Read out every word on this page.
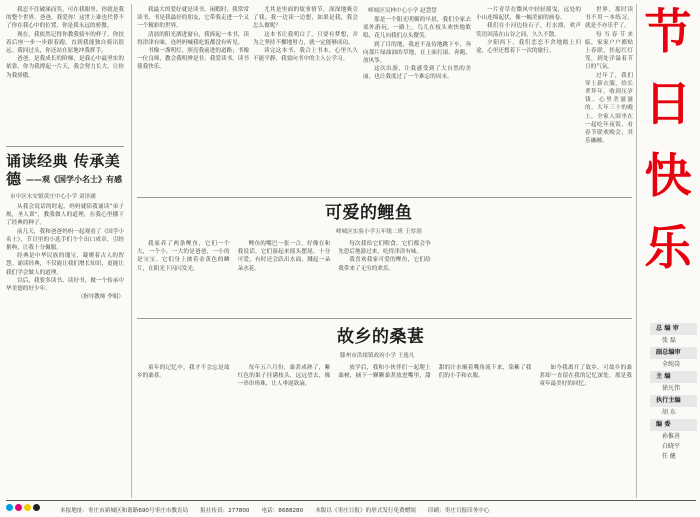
我忍不住破涕而笑，可在我眼里，你就是我的整个世界。爸爸，我爱你！这世上谁也代替不了你在我心中的位置，你是我永远的骄傲。

现在，我依然记得你教我骑车的样子，你扶着后座一步一步跟着跑，直到我能独自骑出很远。我回过头，你还站在原地冲我挥手。

爸爸，是我成长的阶梯，是我心中最坚实的依靠。你为我撑起一片天，我会努力长大，让你为我骄傲。

诵读经典 传承美德 ——观《国学小名士》有感
市中区水安镇黄庄中心小学 刘泽涵

从我会说话的时起，妈妈就陪我诵读“弟子规，圣人训”，教我做人的道理，在我心里播下了经典的种子。

前几天，我和爸爸妈妈一起观看了《国学小名士》，节目里的小选手们个个出口成章，引经据典，让我十分佩服。

经典是中华民族的瑰宝，凝聚着古人的智慧。诵读经典，不仅能让我们增长知识，更能让我们学会做人的道理。

以后，我要多读书、读好书，做一个传承中华美德的好少年。

（指导教师 李娟）

我最大的爱好就是读书。闲暇时，我常常读书。书是我最好的朋友，它带我走进一个又一个精彩的世界。

清晨的阳光洒进窗台，我捧起一本书，读得津津有味，连妈妈喊我吃饭都没有听见。

书像一盏明灯，照亮我前进的道路；书像一位良师，教会我明辨是非。我爱读书，读书使我快乐。

尤其是里面的故事情节，深深地吸引了我。我一边读一边想，如果是我，我会怎么做呢？

这本书让我明白了，只要有梦想，并为之坚持不懈地努力，就一定能够成功。

读完这本书，我合上书本，心里久久不能平静，我要向书中的主人公学习。

峄城区吴林中心小学 赵慧慧

那是一个阳光明媚的早晨，我们全家去郊外游玩。一路上，鸟儿在枝头欢快地歌唱，花儿向我们点头微笑。

到了目的地，我迫不及待地跳下车，奔向那片绿油油的草地，在上面打滚、奔跑、放风筝。

这次出游，让我感受到了大自然的美丽，也让我度过了一个难忘的周末。

一片青草在微风中轻轻摇曳，远处的小山连绵起伏，像一幅美丽的画卷。

我们在小河边捡石子，打水漂，欢声笑语回荡在山谷之间，久久不散。

夕阳西下，我们恋恋不舍地踏上归途，心里还想着下一次的旅行。

世界，那时读书不用一本练习，就是不亦乐乎了。

每当春节来临，家家户户都贴上春联，挂起红灯笼，到处洋溢着节日的气氛。

过年了，我们穿上新衣服，给长辈拜年，收到压岁钱，心里美滋滋的。大年三十的晚上，全家人围坐在一起吃年夜饭，看春节联欢晚会，其乐融融。

节
日
快
乐
可爱的鲤鱼
峄城区实验小学五年级二班 王厚润

我家养了两条鲤鱼，它们一个大，一个小，一大的是爸爸，一小的是宝宝。它们身上披着金黄色的鳞片，在阳光下闪闪发光。

鲤鱼的嘴巴一张一合，好像在和我说话。它们游起来摇头摆尾，十分可爱，有时还会跃出水面，溅起一朵朵水花。

每次我给它们喂食，它们都会争先恐后地游过来，吃得津津有味。

我喜欢我家可爱的鲤鱼，它们给我带来了无穷的欢乐。

故乡的桑葚
滕州市洪绪镇政府小学 王逸凡

童年的记忆中，我才不会忘是故乡的桑葚。

每年五六月份，桑葚成熟了，紫红色的果子挂满枝头，远远望去，像一串串珍珠，让人垂涎欲滴。

放学后，我和小伙伴们一起爬上桑树，摘下一颗颗桑葚放进嘴里，甜甜的汁水顺着嘴角流下来，染紫了我们的小手和衣服。

如今我离开了故乡，可故乡的桑葚却一直留在我的记忆深处，那是我童年最美好的回忆。

总 编 审
张 磊
副总编审
全纯岗
主 编
徐凡伟
执行主编
胡 东
编 委
孙惟善
白晓平
任 健
本报地址：枣庄市新城区和谐路690号枣庄市教育局 报社传真：277800 电话：8688280 本版以《枣庄日报》的形式发行免费赠阅 印刷：枣庄日报印务中心
